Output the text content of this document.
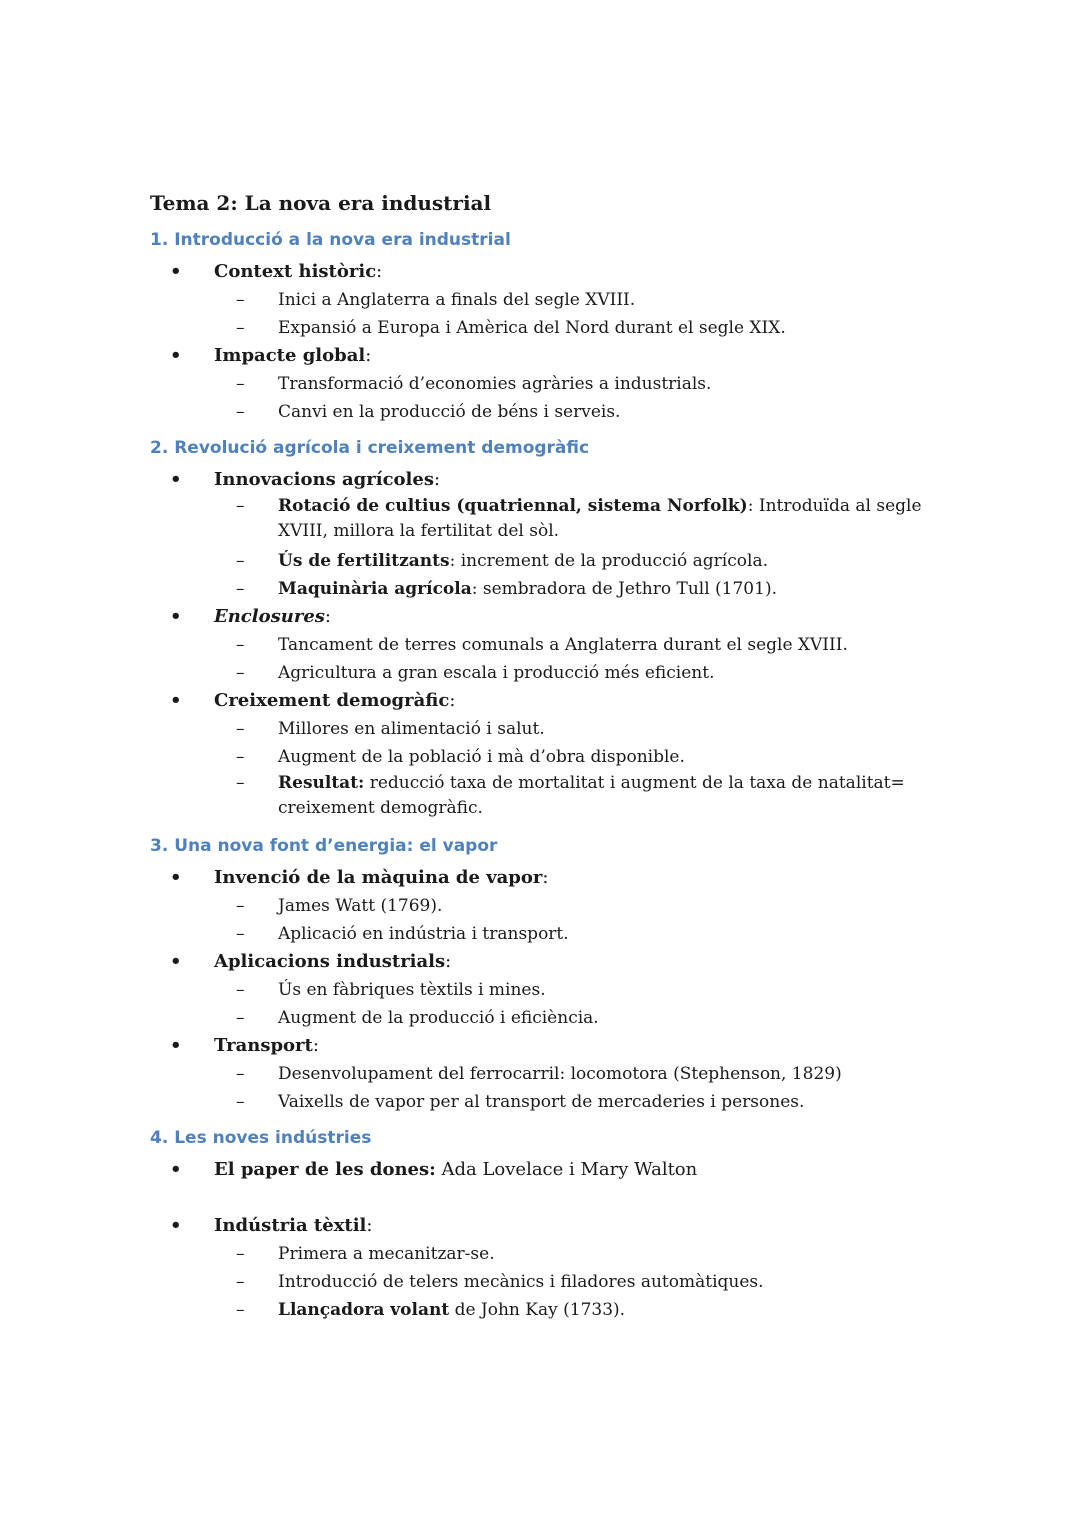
Tema 2: La nova era industrial
1. Introducció a la nova era industrial
• Context històric:
– Inici a Anglaterra a finals del segle XVIII.
– Expansió a Europa i Amèrica del Nord durant el segle XIX.
• Impacte global:
– Transformació d’economies agràries a industrials.
– Canvi en la producció de béns i serveis.
2. Revolució agrícola i creixement demogràfic
• Innovacions agrícoles:
– Rotació de cultius (quatriennal, sistema Norfolk): Introduïda al segle XVIII, millora la fertilitat del sòl.
– Ús de fertilitzants: increment de la producció agrícola.
– Maquinària agrícola: sembradora de Jethro Tull (1701).
• Enclosures:
– Tancament de terres comunals a Anglaterra durant el segle XVIII.
– Agricultura a gran escala i producció més eficient.
• Creixement demogràfic:
– Millores en alimentació i salut.
– Augment de la població i mà d’obra disponible.
– Resultat: reducció taxa de mortalitat i augment de la taxa de natalitat= creixement demogràfic.
3. Una nova font d’energia: el vapor
• Invenció de la màquina de vapor:
– James Watt (1769).
– Aplicació en indústria i transport.
• Aplicacions industrials:
– Ús en fàbriques tèxtils i mines.
– Augment de la producció i eficiència.
• Transport:
– Desenvolupament del ferrocarril: locomotora (Stephenson, 1829)
– Vaixells de vapor per al transport de mercaderies i persones.
4. Les noves indústries
• El paper de les dones: Ada Lovelace i Mary Walton
• Indústria tèxtil:
– Primera a mecanitzar-se.
– Introducció de telers mecànics i filadores automàtiques.
– Llançadora volant de John Kay (1733).
